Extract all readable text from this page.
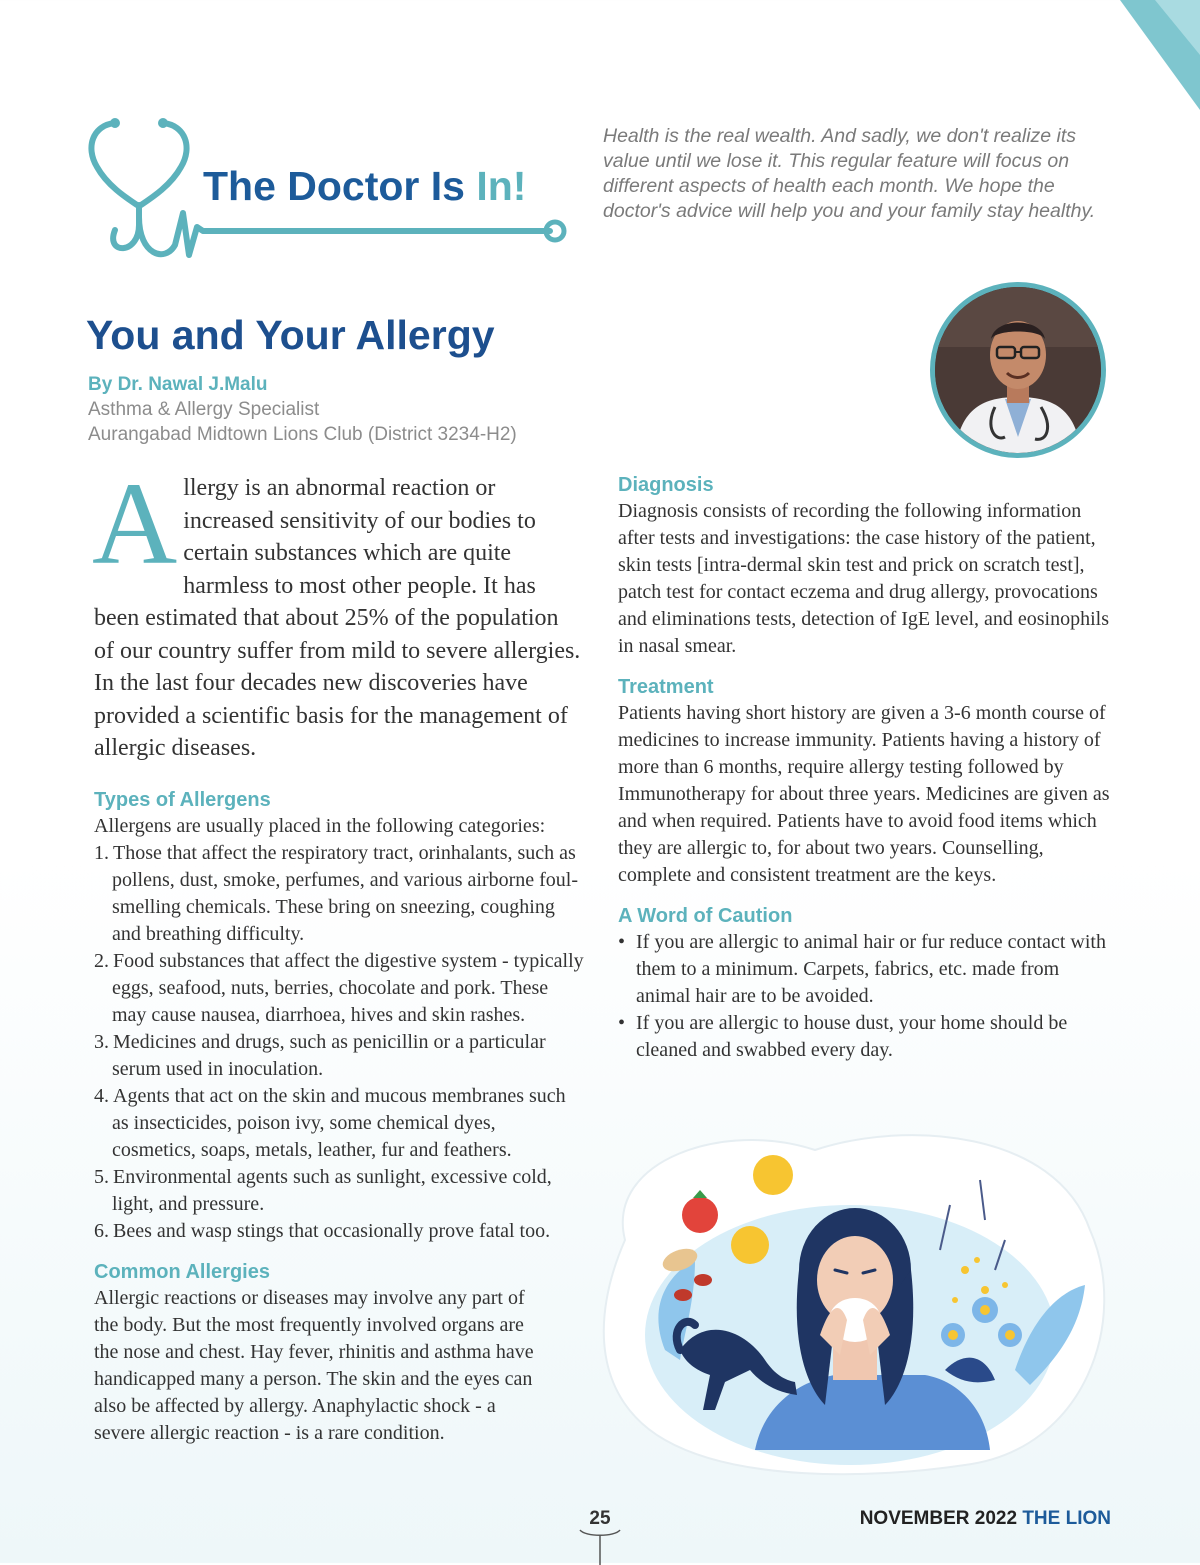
The Doctor Is In!

Health is the real wealth. And sadly, we don't realize its value until we lose it. This regular feature will focus on different aspects of health each month. We hope the doctor's advice will help you and your family stay healthy.

You and Your Allergy
By Dr. Nawal J.Malu
Asthma & Allergy Specialist
Aurangabad Midtown Lions Club (District 3234-H2)

Allergy is an abnormal reaction or increased sensitivity of our bodies to certain substances which are quite harmless to most other people. It has been estimated that about 25% of the population of our country suffer from mild to severe allergies. In the last four decades new discoveries have provided a scientific basis for the management of allergic diseases.

Types of Allergens

Allergens are usually placed in the following categories:

1. Those that affect the respiratory tract, orinhalants, such as pollens, dust, smoke, perfumes, and various airborne foul-smelling chemicals. These bring on sneezing, coughing and breathing difficulty.
2. Food substances that affect the digestive system - typically eggs, seafood, nuts, berries, chocolate and pork. These may cause nausea, diarrhoea, hives and skin rashes.
3. Medicines and drugs, such as penicillin or a particular serum used in inoculation.
4. Agents that act on the skin and mucous membranes such as insecticides, poison ivy, some chemical dyes, cosmetics, soaps, metals, leather, fur and feathers.
5. Environmental agents such as sunlight, excessive cold, light, and pressure.
6. Bees and wasp stings that occasionally prove fatal too.
Common Allergies

Allergic reactions or diseases may involve any part of the body. But the most frequently involved organs are the nose and chest. Hay fever, rhinitis and asthma have handicapped many a person. The skin and the eyes can also be affected by allergy. Anaphylactic shock - a severe allergic reaction - is a rare condition.

Diagnosis

Diagnosis consists of recording the following information after tests and investigations: the case history of the patient, skin tests [intra-dermal skin test and prick on scratch test], patch test for contact eczema and drug allergy, provocations and eliminations tests, detection of IgE level, and eosinophils in nasal smear.

Treatment

Patients having short history are given a 3-6 month course of medicines to increase immunity. Patients having a history of more than 6 months, require allergy testing followed by Immunotherapy for about three years. Medicines are given as and when required. Patients have to avoid food items which they are allergic to, for about two years. Counselling, complete and consistent treatment are the keys.

A Word of Caution
• If you are allergic to animal hair or fur reduce contact with them to a minimum. Carpets, fabrics, etc. made from animal hair are to be avoided.
• If you are allergic to house dust, your home should be cleaned and swabbed every day.

25	NOVEMBER 2022 THE LION
